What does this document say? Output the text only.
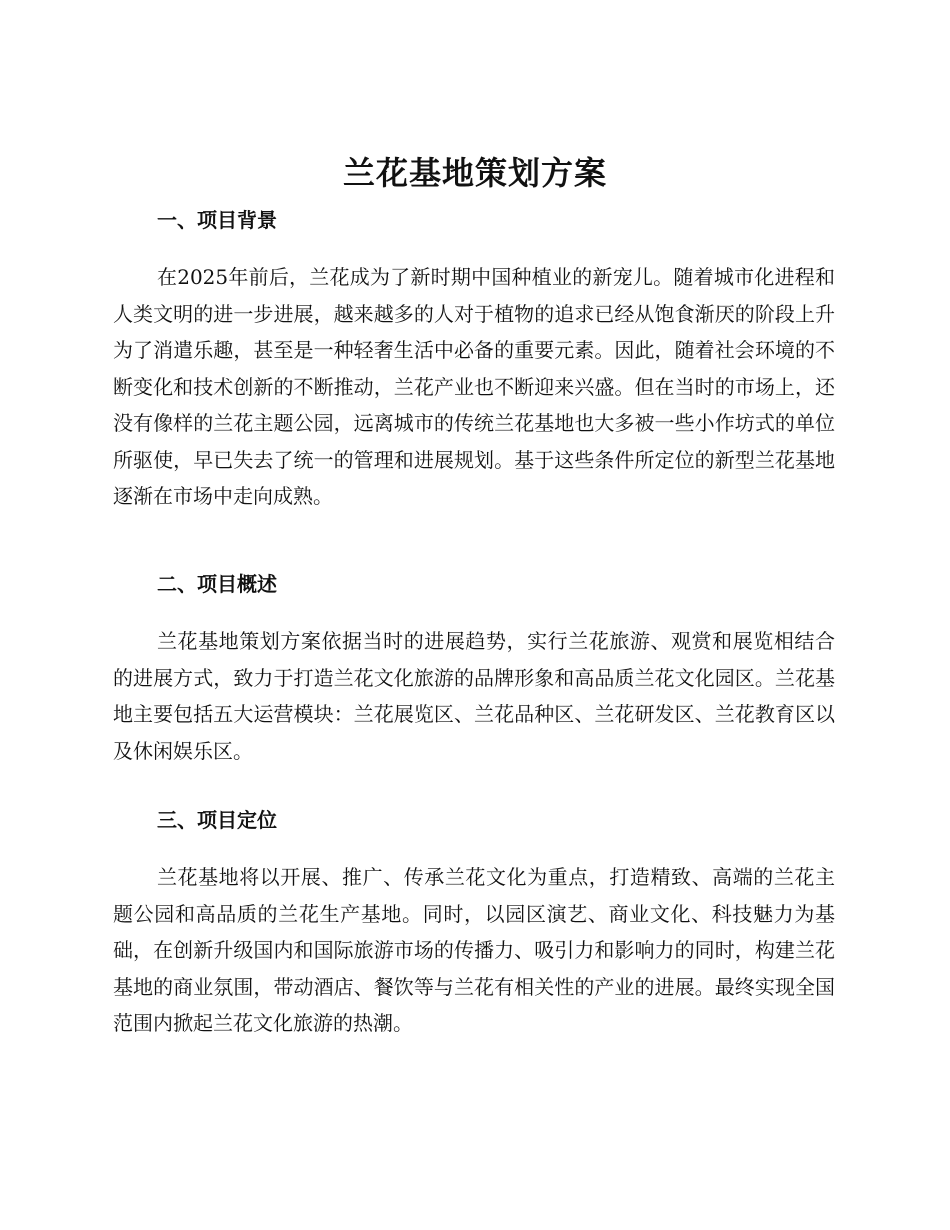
兰花基地策划方案
一、项目背景

在2025年前后，兰花成为了新时期中国种植业的新宠儿。随着城市化进程和人类文明的进一步进展，越来越多的人对于植物的追求已经从饱食渐厌的阶段上升为了消遣乐趣，甚至是一种轻奢生活中必备的重要元素。因此，随着社会环境的不断变化和技术创新的不断推动，兰花产业也不断迎来兴盛。但在当时的市场上，还没有像样的兰花主题公园，远离城市的传统兰花基地也大多被一些小作坊式的单位所驱使，早已失去了统一的管理和进展规划。基于这些条件所定位的新型兰花基地逐渐在市场中走向成熟。

二、项目概述

兰花基地策划方案依据当时的进展趋势，实行兰花旅游、观赏和展览相结合的进展方式，致力于打造兰花文化旅游的品牌形象和高品质兰花文化园区。兰花基地主要包括五大运营模块：兰花展览区、兰花品种区、兰花研发区、兰花教育区以及休闲娱乐区。

三、项目定位

兰花基地将以开展、推广、传承兰花文化为重点，打造精致、高端的兰花主题公园和高品质的兰花生产基地。同时，以园区演艺、商业文化、科技魅力为基础，在创新升级国内和国际旅游市场的传播力、吸引力和影响力的同时，构建兰花基地的商业氛围，带动酒店、餐饮等与兰花有相关性的产业的进展。最终实现全国范围内掀起兰花文化旅游的热潮。
